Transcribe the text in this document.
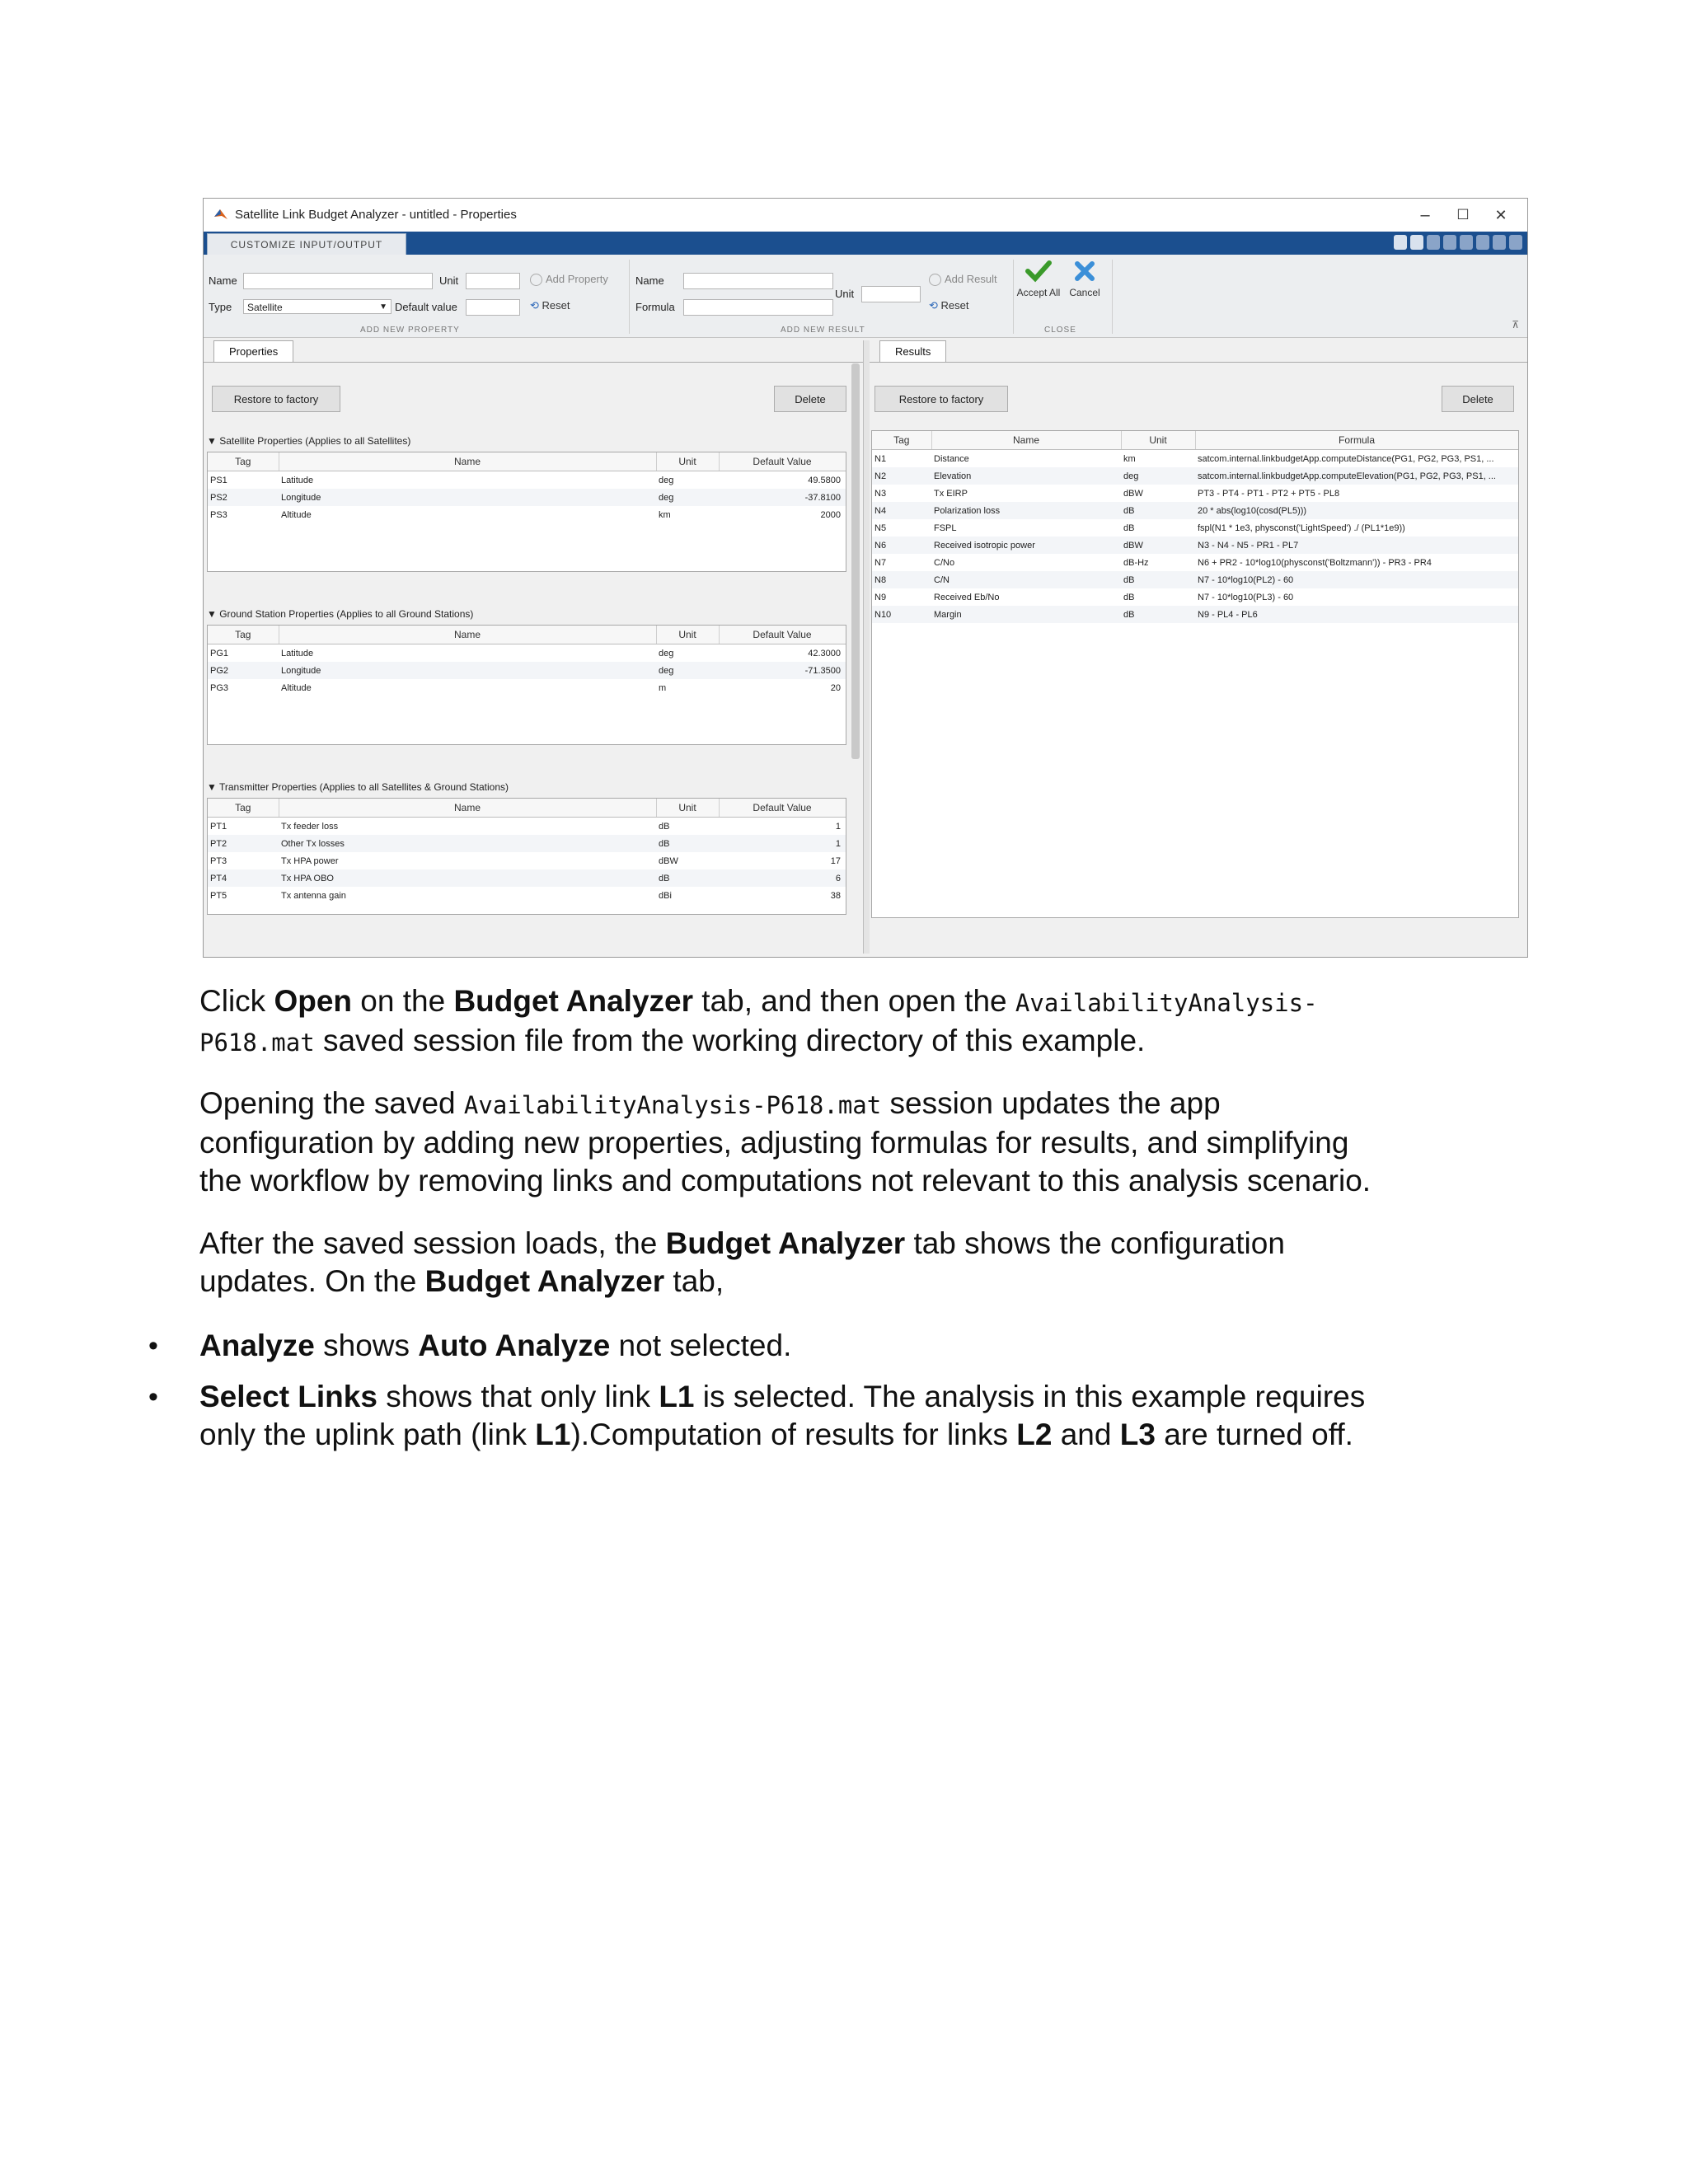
Satellite Link Budget Analyzer - untitled - Properties	–	☐	✕
CUSTOMIZE INPUT/OUTPUT
Name
Type	Satellite	▼
Unit
Default value
Add Property
⟲ Reset
ADD NEW PROPERTY
Name
Formula
Unit
Add Result
⟲ Reset
ADD NEW RESULT
Accept All Cancel
CLOSE	⊼
Properties
Restore to factory	Delete
▼ Satellite Properties (Applies to all Satellites)
Tag	Name	Unit	Default Value
PS1	Latitude	deg	49.5800
PS2	Longitude	deg	-37.8100
PS3	Altitude	km	2000
▼ Ground Station Properties (Applies to all Ground Stations)
Tag	Name	Unit	Default Value
PG1	Latitude	deg	42.3000
PG2	Longitude	deg	-71.3500
PG3	Altitude	m	20
▼ Transmitter Properties (Applies to all Satellites & Ground Stations)
Tag	Name	Unit	Default Value
PT1	Tx feeder loss	dB	1
PT2	Other Tx losses	dB	1
PT3	Tx HPA power	dBW	17
PT4	Tx HPA OBO	dB	6
PT5	Tx antenna gain	dBi	38
Results
Restore to factory	Delete
Tag	Name	Unit	Formula
N1	Distance	km	satcom.internal.linkbudgetApp.computeDistance(PG1, PG2, PG3, PS1, ...
N2	Elevation	deg	satcom.internal.linkbudgetApp.computeElevation(PG1, PG2, PG3, PS1, ...
N3	Tx EIRP	dBW	PT3 - PT4 - PT1 - PT2 + PT5 - PL8
N4	Polarization loss	dB	20 * abs(log10(cosd(PL5)))
N5	FSPL	dB	fspl(N1 * 1e3, physconst('LightSpeed') ./ (PL1*1e9))
N6	Received isotropic power	dBW	N3 - N4 - N5 - PR1 - PL7
N7	C/No	dB-Hz	N6 + PR2 - 10*log10(physconst('Boltzmann')) - PR3 - PR4
N8	C/N	dB	N7 - 10*log10(PL2) - 60
N9	Received Eb/No	dB	N7 - 10*log10(PL3) - 60
N10	Margin	dB	N9 - PL4 - PL6
Click Open on the Budget Analyzer tab, and then open the AvailabilityAnalysis-
P618.mat saved session file from the working directory of this example.
Opening the saved AvailabilityAnalysis-P618.mat session updates the app
configuration by adding new properties, adjusting formulas for results, and simplifying
the workflow by removing links and computations not relevant to this analysis scenario.
After the saved session loads, the Budget Analyzer tab shows the configuration
updates. On the Budget Analyzer tab,
• Analyze shows Auto Analyze not selected.
• Select Links shows that only link L1 is selected. The analysis in this example requires
only the uplink path (link L1).Computation of results for links L2 and L3 are turned off.
